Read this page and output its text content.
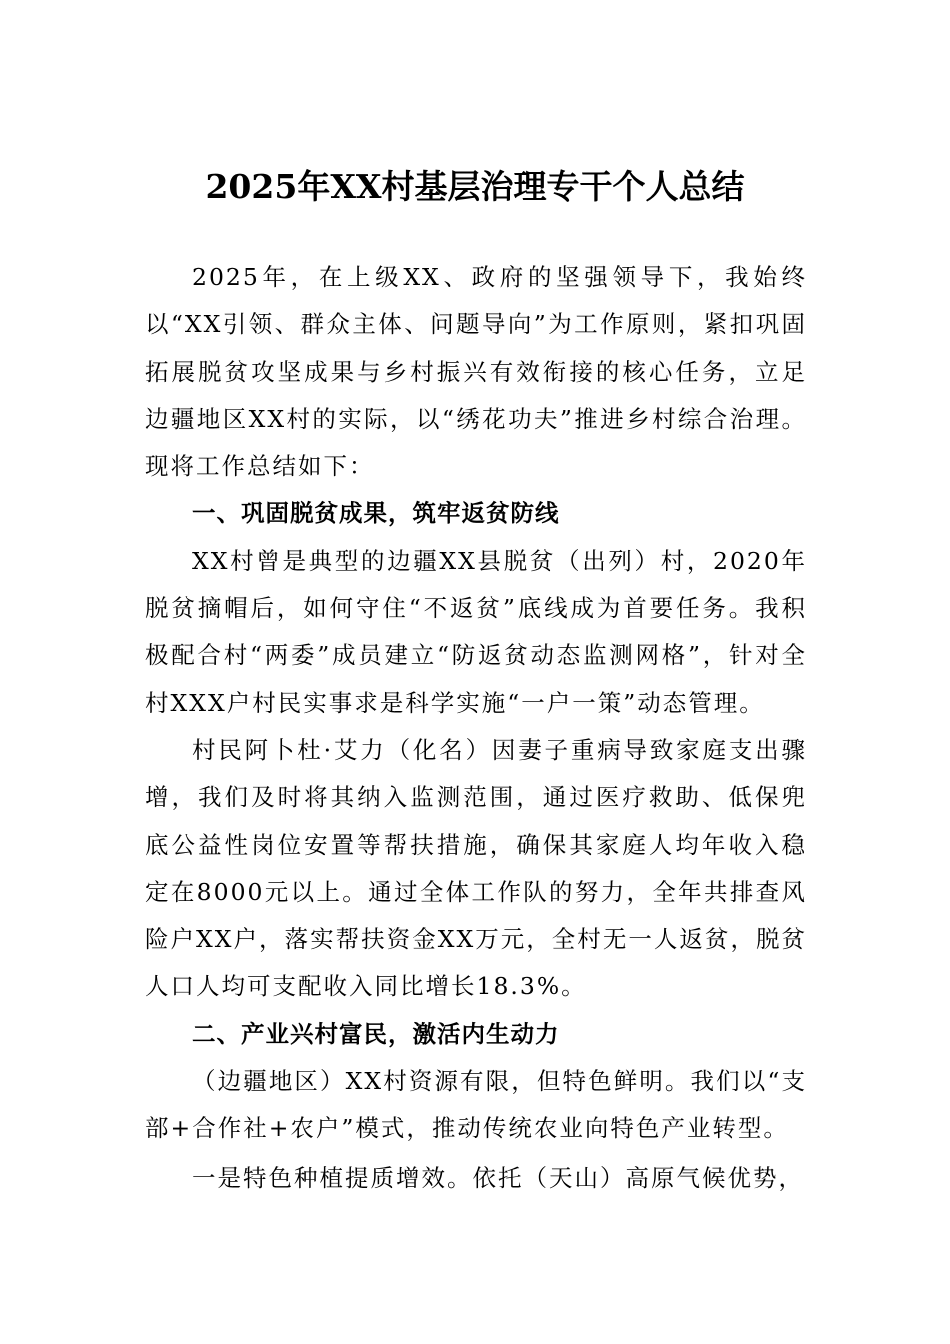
2025年XX村基层治理专干个人总结

2025年，在上级XX、政府的坚强领导下，我始终以“XX引领、群众主体、问题导向”为工作原则，紧扣巩固拓展脱贫攻坚成果与乡村振兴有效衔接的核心任务，立足边疆地区XX村的实际，以“绣花功夫”推进乡村综合治理。现将工作总结如下：

一、巩固脱贫成果，筑牢返贫防线

XX村曾是典型的边疆XX县脱贫（出列）村，2020年脱贫摘帽后，如何守住“不返贫”底线成为首要任务。我积极配合村“两委”成员建立“防返贫动态监测网格”，针对全村XXX户村民实事求是科学实施“一户一策”动态管理。

村民阿卜杜·艾力（化名）因妻子重病导致家庭支出骤增，我们及时将其纳入监测范围，通过医疗救助、低保兜底公益性岗位安置等帮扶措施，确保其家庭人均年收入稳定在8000元以上。通过全体工作队的努力，全年共排查风险户XX户，落实帮扶资金XX万元，全村无一人返贫，脱贫人口人均可支配收入同比增长18.3%。

二、产业兴村富民，激活内生动力

（边疆地区）XX村资源有限，但特色鲜明。我们以“支部+合作社+农户”模式，推动传统农业向特色产业转型。

一是特色种植提质增效。依托（天山）高原气候优势，
